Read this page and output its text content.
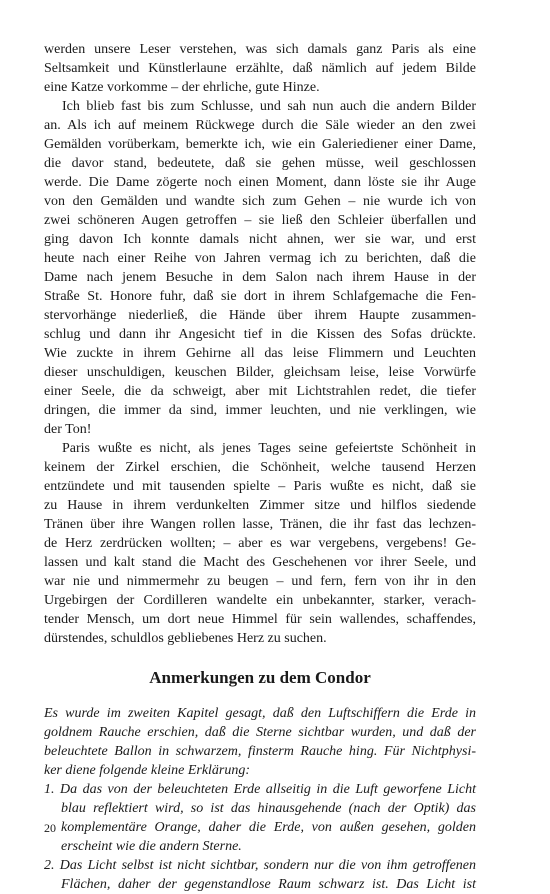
werden unsere Leser verstehen, was sich damals ganz Paris als eine
Seltsamkeit und Künstlerlaune erzählte, daß nämlich auf jedem Bilde
eine Katze vorkomme – der ehrliche, gute Hinze.
Ich blieb fast bis zum Schlusse, und sah nun auch die andern Bilder
an. Als ich auf meinem Rückwege durch die Säle wieder an den zwei
Gemälden vorüberkam, bemerkte ich, wie ein Galeriediener einer Dame,
die davor stand, bedeutete, daß sie gehen müsse, weil geschlossen
werde. Die Dame zögerte noch einen Moment, dann löste sie ihr Auge
von den Gemälden und wandte sich zum Gehen – nie wurde ich von
zwei schöneren Augen getroffen – sie ließ den Schleier überfallen und
ging davon Ich konnte damals nicht ahnen, wer sie war, und erst
heute nach einer Reihe von Jahren vermag ich zu berichten, daß die
Dame nach jenem Besuche in dem Salon nach ihrem Hause in der
Straße St. Honore fuhr, daß sie dort in ihrem Schlafgemache die Fen-
stervorhänge niederließ, die Hände über ihrem Haupte zusammen-
schlug und dann ihr Angesicht tief in die Kissen des Sofas drückte.
Wie zuckte in ihrem Gehirne all das leise Flimmern und Leuchten
dieser unschuldigen, keuschen Bilder, gleichsam leise, leise Vorwürfe
einer Seele, die da schweigt, aber mit Lichtstrahlen redet, die tiefer
dringen, die immer da sind, immer leuchten, und nie verklingen, wie
der Ton!
Paris wußte es nicht, als jenes Tages seine gefeiertste Schönheit in
keinem der Zirkel erschien, die Schönheit, welche tausend Herzen
entzündete und mit tausenden spielte – Paris wußte es nicht, daß sie
zu Hause in ihrem verdunkelten Zimmer sitze und hilflos siedende
Tränen über ihre Wangen rollen lasse, Tränen, die ihr fast das lechzen-
de Herz zerdrücken wollten; – aber es war vergebens, vergebens! Ge-
lassen und kalt stand die Macht des Geschehenen vor ihrer Seele, und
war nie und nimmermehr zu beugen – und fern, fern von ihr in den
Urgebirgen der Cordilleren wandelte ein unbekannter, starker, verach-
tender Mensch, um dort neue Himmel für sein wallendes, schaffendes,
dürstendes, schuldlos gebliebenes Herz zu suchen.
Anmerkungen zu dem Condor
Es wurde im zweiten Kapitel gesagt, daß den Luftschiffern die Erde in
goldnem Rauche erschien, daß die Sterne sichtbar wurden, und daß der
beleuchtete Ballon in schwarzem, finsterm Rauche hing. Für Nichtphysi-
ker diene folgende kleine Erklärung:
1. Da das von der beleuchteten Erde allseitig in die Luft geworfene Licht
blau reflektiert wird, so ist das hinausgehende (nach der Optik) das
komplementäre Orange, daher die Erde, von außen gesehen, golden
erscheint wie die andern Sterne.
2. Das Licht selbst ist nicht sichtbar, sondern nur die von ihm getroffenen
Flächen, daher der gegenstandlose Raum schwarz ist. Das Licht ist
20
